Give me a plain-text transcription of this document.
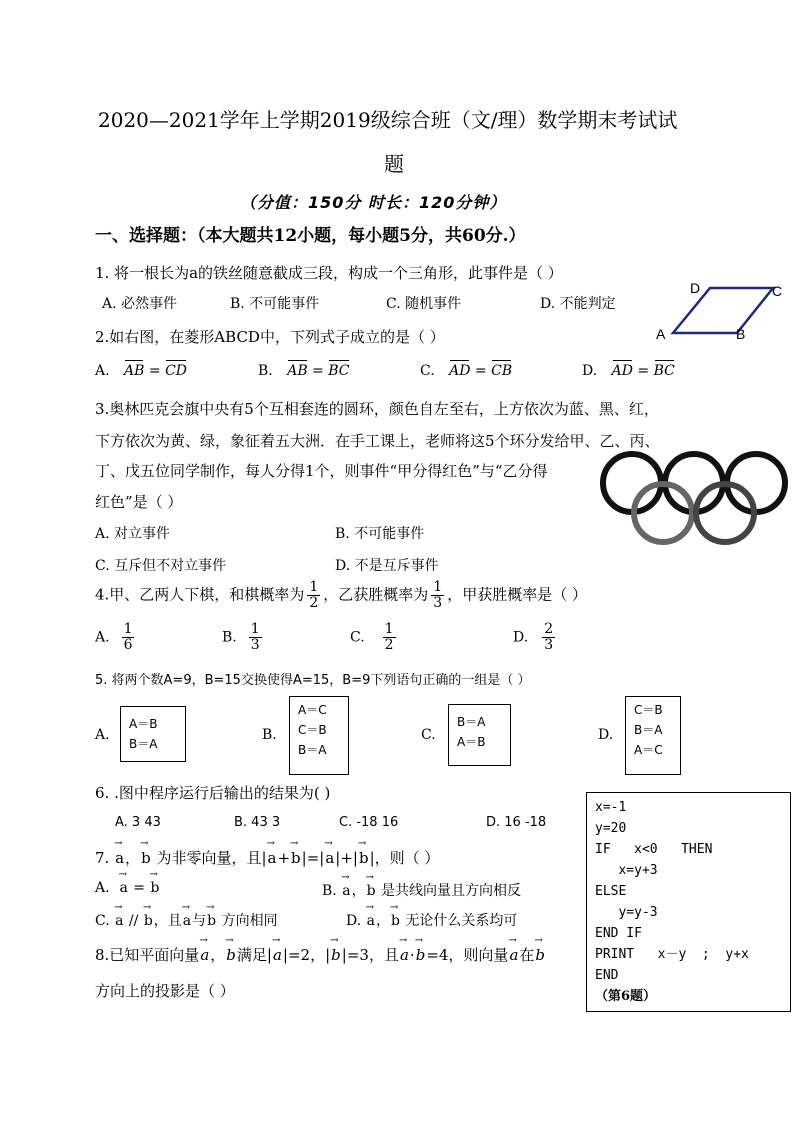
2020—2021学年上学期2019级综合班（文/理）数学期末考试试
题
（分值：150分 时长：120分钟）
一、选择题：（本大题共12小题，每小题5分，共60分.）
1. 将一根长为a的铁丝随意截成三段，构成一个三角形，此事件是（ ）
A. 必然事件	B. 不可能事件	C. 随机事件	D. 不能判定
D	C
A	B
2.如右图，在菱形ABCD中，下列式子成立的是（ ）
A. AB = CD	B. AB = BC	C. AD = CB	D. AD = BC
3.奥林匹克会旗中央有5个互相套连的圆环，颜色自左至右，上方依次为蓝、黑、红，
下方依次为黄、绿，象征着五大洲．在手工课上，老师将这5个环分发给甲、乙、丙、
丁、戊五位同学制作，每人分得1个，则事件“甲分得红色”与“乙分得
红色”是（ ）
A. 对立事件	B. 不可能事件
C. 互斥但不对立事件	D. 不是互斥事件
4.甲、乙两人下棋，和棋概率为 $\frac{1}{2}$ ，乙获胜概率为 $\frac{1}{3}$ ，甲获胜概率是（ ）
A. $\frac{1}{6}$	B. $\frac{1}{3}$	C. $\frac{1}{2}$	D. $\frac{2}{3}$
5. 将两个数A=9，B=15交换使得A=15，B=9下列语句正确的一组是（ ）
A.
A＝B
B＝A
B.
A＝C
C＝B
B＝A
C.
B＝A
A＝B	D.
C＝B
B＝A
A＝C
6. .图中程序运行后输出的结果为( )
A. 3 43	B. 43 3	C. -18 16	D. 16 -18
x=-1
y=20
IF   x<0   THEN
x=y+3
ELSE
y=y-3
END IF
PRINT   x－y  ;  y+x
END
（第6题）
7. → a，→ b 为非零向量，且|→ a+→ b|=|→ a|+|→ b|，则（ ）
A. → a = → b	B. → a，→ b 是共线向量且方向相反
C. → a // → b，且→ a与→ b 方向相同	D. → a，→ b 无论什么关系均可
8.已知平面向量→ a，→ b满足|→ a|=2，|→ b|=3，且→ a·→ b=4，则向量→ a在→ b
方向上的投影是（ ）
